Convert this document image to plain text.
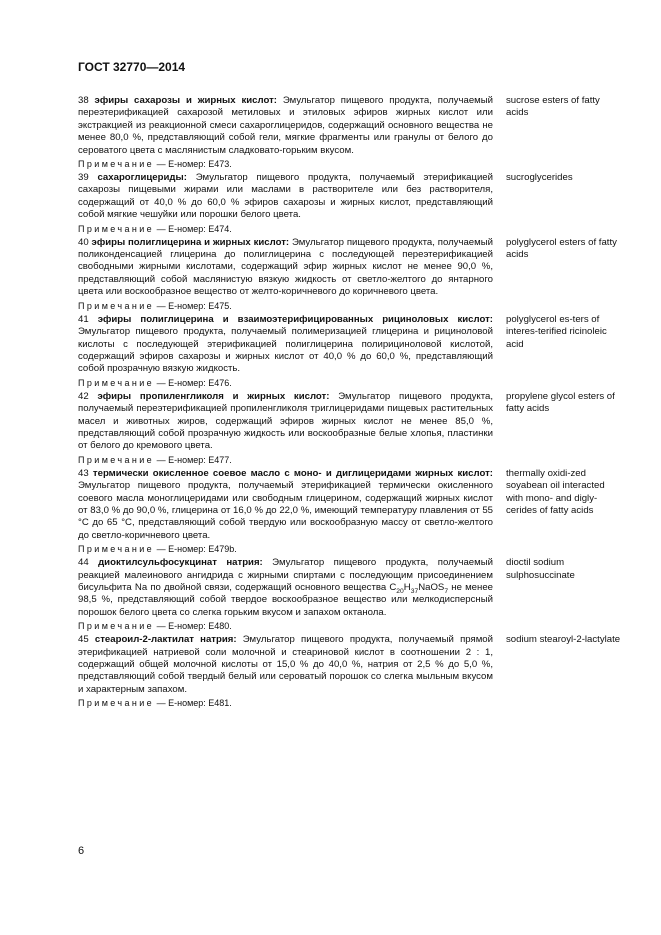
ГОСТ 32770—2014
38 эфиры сахарозы и жирных кислот: Эмульгатор пищевого продукта, получаемый переэтерификацией сахарозой метиловых и этиловых эфиров жирных кислот или экстракцией из реакционной смеси сахароглицеридов, содержащий основного вещества не менее 80,0 %, представляющий собой гели, мягкие фрагменты или гранулы от белого до сероватого цвета с маслянистым сладковато-горьким вкусом.
Примечание — Е-номер: Е473.
sucrose esters of fatty acids
39 сахароглицериды: Эмульгатор пищевого продукта, получаемый этерификацией сахарозы пищевыми жирами или маслами в растворителе или без растворителя, содержащий от 40,0 % до 60,0 % эфиров сахарозы и жирных кислот, представляющий собой мягкие чешуйки или порошки белого цвета.
Примечание — Е-номер: Е474.
sucroglycerides
40 эфиры полиглицерина и жирных кислот: Эмульгатор пищевого продукта, получаемый поликонденсацией глицерина до полиглицерина с последующей переэтерификацией свободными жирными кислотами, содержащий эфир жирных кислот не менее 90,0 %, представляющий собой маслянистую вязкую жидкость от светло-желтого до янтарного цвета или воскообразное вещество от желто-коричневого до коричневого цвета.
Примечание — Е-номер: Е475.
polyglycerol esters of fatty acids
41 эфиры полиглицерина и взаимоэтерифицированных рициноловых кислот: Эмульгатор пищевого продукта, получаемый полимеризацией глицерина и рициноловой кислоты с последующей этерификацией полиглицерина полирициноловой кислотой, содержащий эфиров сахарозы и жирных кислот от 40,0 % до 60,0 %, представляющий собой прозрачную вязкую жидкость.
Примечание — Е-номер: Е476.
polyglycerol es-ters of interes-terified ricinoleic acid
42 эфиры пропиленгликоля и жирных кислот: Эмульгатор пищевого продукта, получаемый переэтерификацией пропиленгликоля триглицеридами пищевых растительных масел и животных жиров, содержащий эфиров жирных кислот не менее 85,0 %, представляющий собой прозрачную жидкость или воскообразные белые хлопья, пластинки от белого до кремового цвета.
Примечание — Е-номер: Е477.
propylene glycol esters of fatty acids
43 термически окисленное соевое масло с моно- и диглицеридами жирных кислот: Эмульгатор пищевого продукта, получаемый этерификацией термически окисленного соевого масла моноглицеридами или свободным глицерином, содержащий жирных кислот от 83,0 % до 90,0 %, глицерина от 16,0 % до 22,0 %, имеющий температуру плавления от 55 °С до 65 °С, представляющий собой твердую или воскообразную массу от светло-желтого до светло-коричневого цвета.
Примечание — Е-номер: Е479b.
thermally oxidi-zed soyabean oil interacted with mono- and digly-cerides of fatty acids
44 диоктилсульфосукцинат натрия: Эмульгатор пищевого продукта, получаемый реакцией малеинового ангидрида с жирными спиртами с последующим присоединением бисульфита Na по двойной связи, содержащий основного вещества $C_{20}H_{37}NaOS_7$ не менее 98,5 %, представляющий собой твердое воскообразное вещество или мелкодисперсный порошок белого цвета со слегка горьким вкусом и запахом октанола.
Примечание — Е-номер: Е480.
dioctil sodium sulphosuccinate
45 стеароил-2-лактилат натрия: Эмульгатор пищевого продукта, получаемый прямой этерификацией натриевой соли молочной и стеариновой кислот в соотношении 2 : 1, содержащий общей молочной кислоты от 15,0 % до 40,0 %, натрия от 2,5 % до 5,0 %, представляющий собой твердый белый или сероватый порошок со слегка мыльным вкусом и характерным запахом.
Примечание — Е-номер: Е481.
sodium stearoyl-2-lactylate
6
